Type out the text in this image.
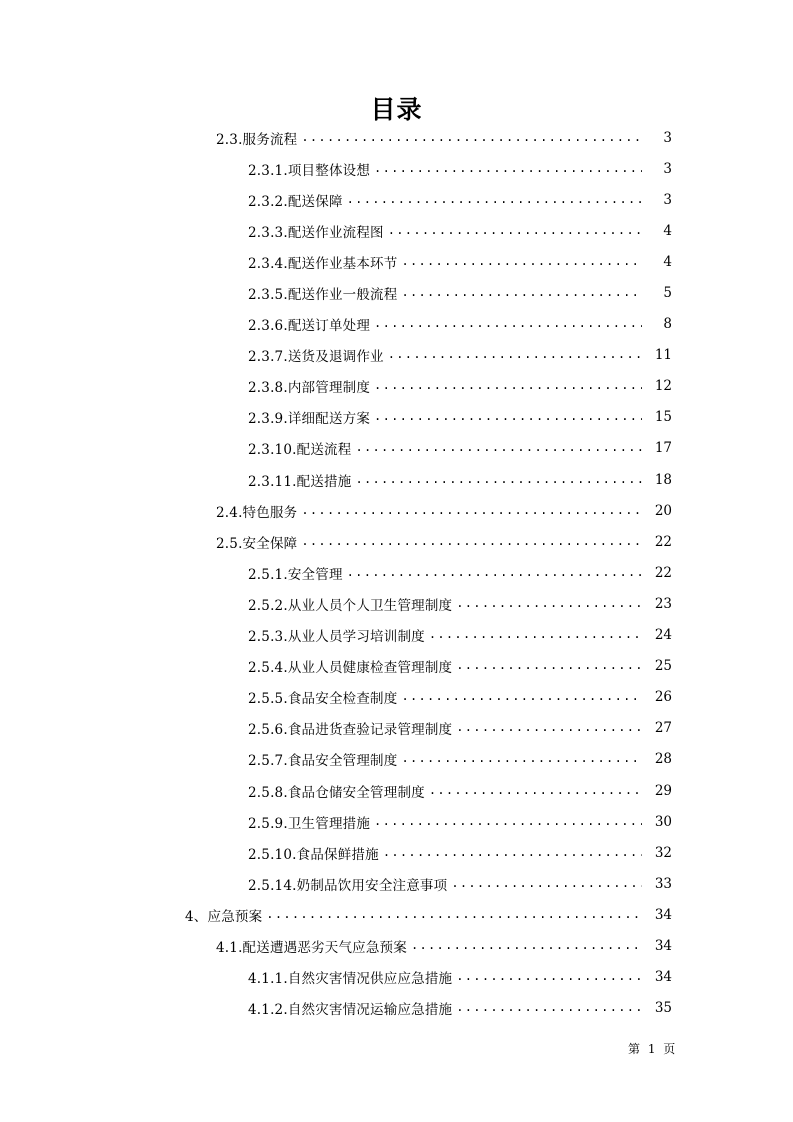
目录
2.3.服务流程 .....	3
2.3.1.项目整体设想 .....	3
2.3.2.配送保障 .....	3
2.3.3.配送作业流程图 .....	4
2.3.4.配送作业基本环节 .....	4
2.3.5.配送作业一般流程 .....	5
2.3.6.配送订单处理 .....	8
2.3.7.送货及退调作业 .....	11
2.3.8.内部管理制度 .....	12
2.3.9.详细配送方案 .....	15
2.3.10.配送流程 .....	17
2.3.11.配送措施 .....	18
2.4.特色服务 .....	20
2.5.安全保障 .....	22
2.5.1.安全管理 .....	22
2.5.2.从业人员个人卫生管理制度 .....	23
2.5.3.从业人员学习培训制度 .....	24
2.5.4.从业人员健康检查管理制度 .....	25
2.5.5.食品安全检查制度 .....	26
2.5.6.食品进货查验记录管理制度 .....	27
2.5.7.食品安全管理制度 .....	28
2.5.8.食品仓储安全管理制度 .....	29
2.5.9.卫生管理措施 .....	30
2.5.10.食品保鲜措施 .....	32
2.5.14.奶制品饮用安全注意事项 .....	33
4、应急预案 .....	34
4.1.配送遭遇恶劣天气应急预案 .....	34
4.1.1.自然灾害情况供应应急措施 .....	34
4.1.2.自然灾害情况运输应急措施 .....	35
第 1 页
